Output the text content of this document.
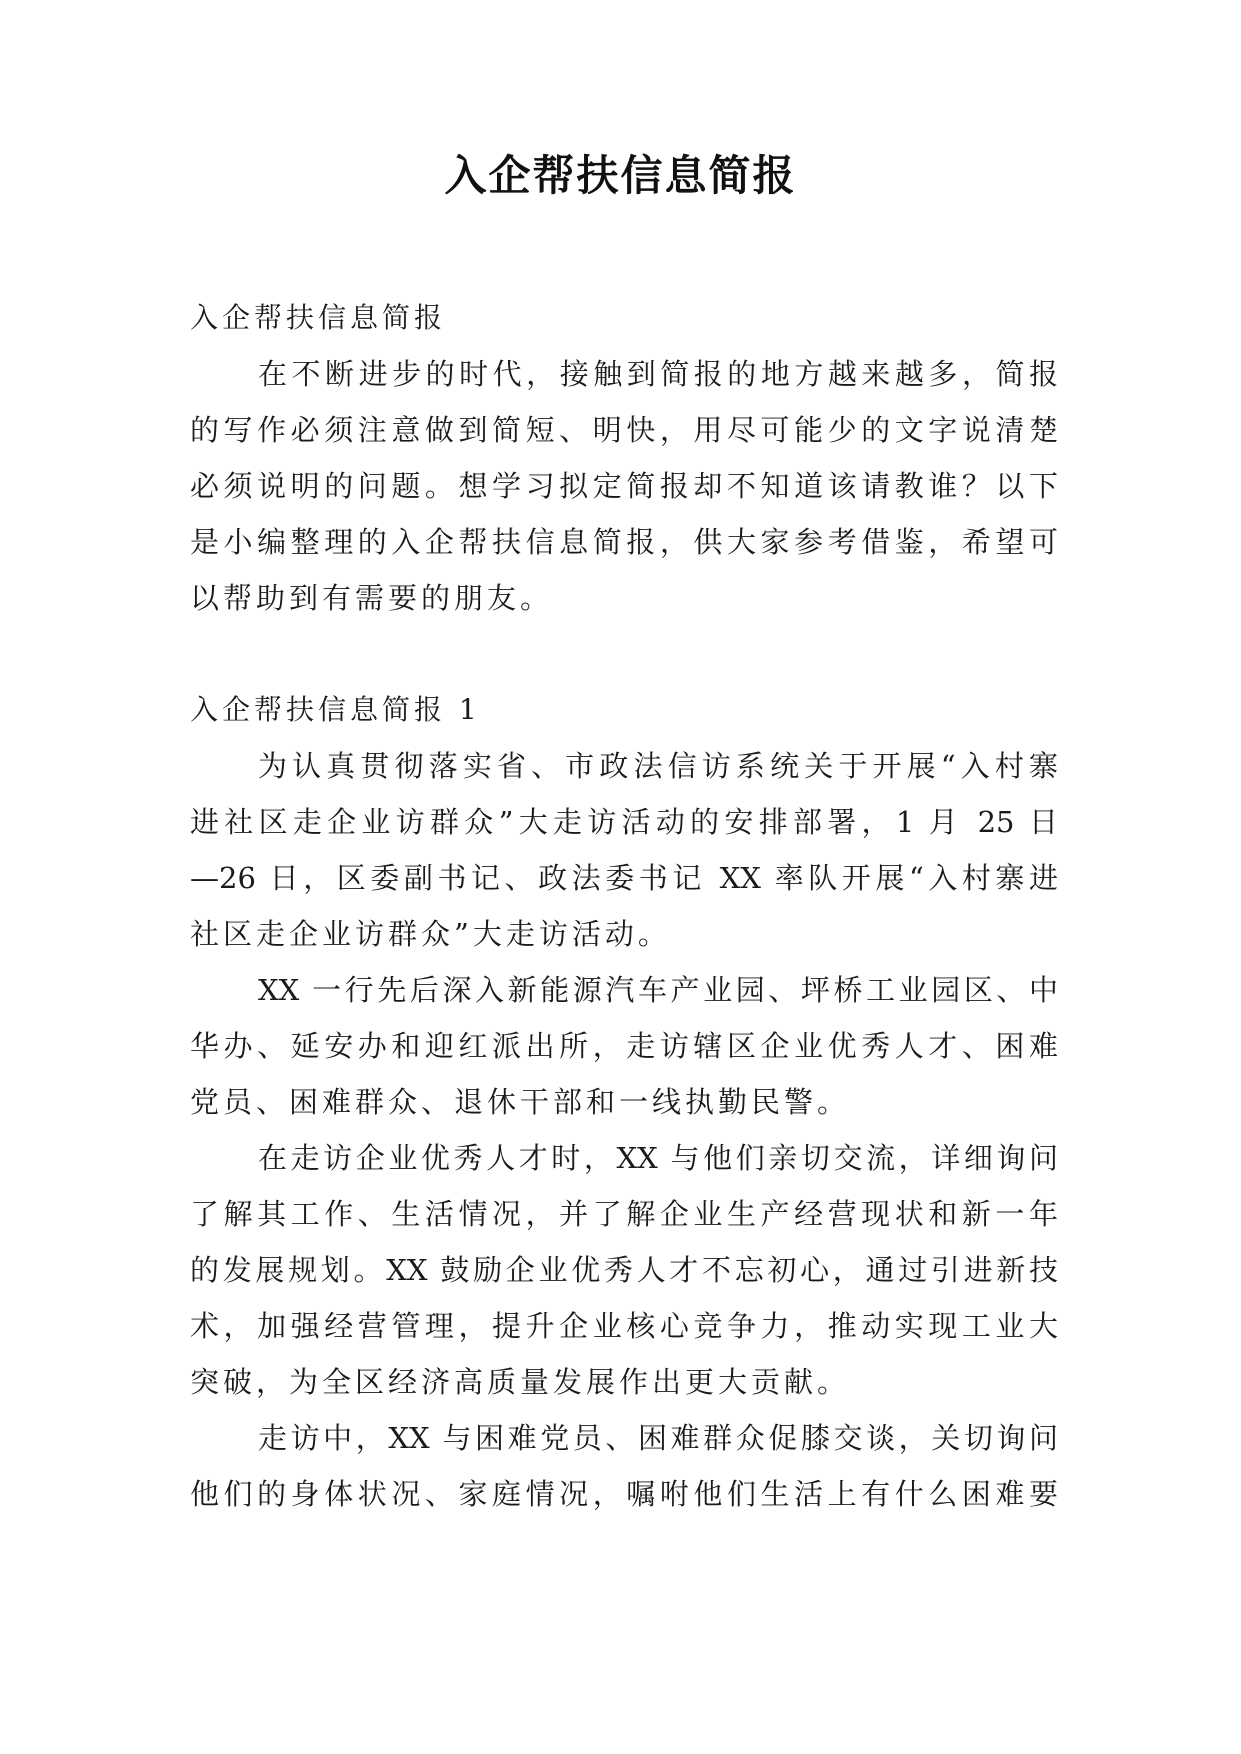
入企帮扶信息简报
入企帮扶信息简报
在不断进步的时代，接触到简报的地方越来越多，简报
的写作必须注意做到简短、明快，用尽可能少的文字说清楚
必须说明的问题。想学习拟定简报却不知道该请教谁？以下
是小编整理的入企帮扶信息简报，供大家参考借鉴，希望可
以帮助到有需要的朋友。
入企帮扶信息简报 1
为认真贯彻落实省、市政法信访系统关于开展“入村寨
进社区走企业访群众”大走访活动的安排部署，1 月 25 日
—26 日，区委副书记、政法委书记 XX 率队开展“入村寨进
社区走企业访群众”大走访活动。
XX 一行先后深入新能源汽车产业园、坪桥工业园区、中
华办、延安办和迎红派出所，走访辖区企业优秀人才、困难
党员、困难群众、退休干部和一线执勤民警。
在走访企业优秀人才时，XX 与他们亲切交流，详细询问
了解其工作、生活情况，并了解企业生产经营现状和新一年
的发展规划。XX 鼓励企业优秀人才不忘初心，通过引进新技
术，加强经营管理，提升企业核心竞争力，推动实现工业大
突破，为全区经济高质量发展作出更大贡献。
走访中，XX 与困难党员、困难群众促膝交谈，关切询问
他们的身体状况、家庭情况，嘱咐他们生活上有什么困难要
